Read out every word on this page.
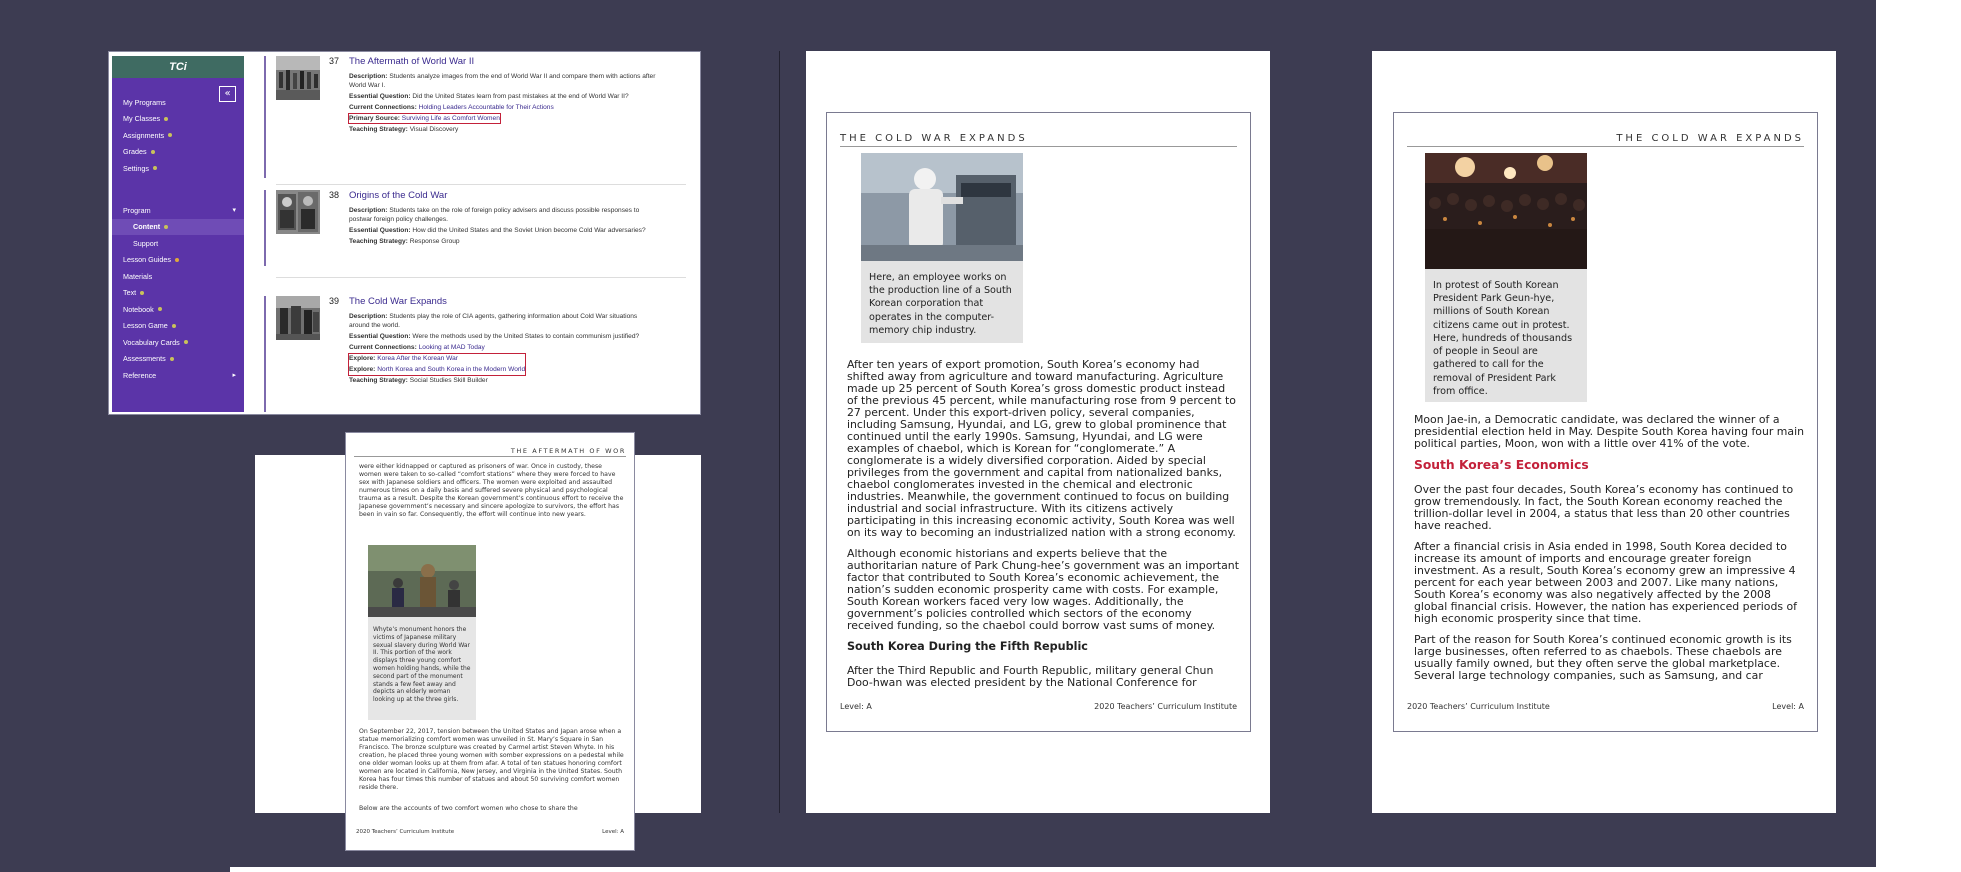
TCi
«
My Programs
My Classes
Assignments
Grades
Settings
Program	▾
Content
Support
Lesson Guides
Materials
Text
Notebook
Lesson Game
Vocabulary Cards
Assessments
Reference	▸
37 The Aftermath of World War II

Description: Students analyze images from the end of World War II and compare them with actions after World War I.

Essential Question: Did the United States learn from past mistakes at the end of World War II?

Current Connections: Holding Leaders Accountable for Their Actions

Primary Source: Surviving Life as Comfort Women

Teaching Strategy: Visual Discovery

38 Origins of the Cold War

Description: Students take on the role of foreign policy advisers and discuss possible responses to postwar foreign policy challenges.

Essential Question: How did the United States and the Soviet Union become Cold War adversaries?

Teaching Strategy: Response Group

39 The Cold War Expands

Description: Students play the role of CIA agents, gathering information about Cold War situations around the world.

Essential Question: Were the methods used by the United States to contain communism justified?

Current Connections: Looking at MAD Today

Explore: Korea After the Korean War

Explore: North Korea and South Korea in the Modern World

Teaching Strategy: Social Studies Skill Builder

THE AFTERMATH OF WOR
were either kidnapped or captured as prisoners of war. Once in custody, these women were taken to so-called “comfort stations” where they were forced to have sex with Japanese soldiers and officers. The women were exploited and assaulted numerous times on a daily basis and suffered severe physical and psychological trauma as a result. Despite the Korean government’s continuous effort to receive the Japanese government’s necessary and sincere apologize to survivors, the effort has been in vain so far. Consequently, the effort will continue into new years.
Whyte’s monument honors the victims of Japanese military sexual slavery during World War II. This portion of the work displays three young comfort women holding hands, while the second part of the monument stands a few feet away and depicts an elderly woman looking up at the three girls.
On September 22, 2017, tension between the United States and Japan arose when a statue memorializing comfort women was unveiled in St. Mary’s Square in San Francisco. The bronze sculpture was created by Carmel artist Steven Whyte. In his creation, he placed three young women with somber expressions on a pedestal while one older woman looks up at them from afar. A total of ten statues honoring comfort women are located in California, New Jersey, and Virginia in the United States. South Korea has four times this number of statues and about 50 surviving comfort women reside there.
Below are the accounts of two comfort women who chose to share the
2020 Teachers’ Curriculum Institute	Level: A
THE COLD WAR EXPANDS
Here, an employee works on the production line of a South Korean corporation that operates in the computer-memory chip industry.

After ten years of export promotion, South Korea’s economy had shifted away from agriculture and toward manufacturing. Agriculture made up 25 percent of South Korea’s gross domestic product instead of the previous 45 percent, while manufacturing rose from 9 percent to 27 percent. Under this export-driven policy, several companies, including Samsung, Hyundai, and LG, grew to global prominence that continued until the early 1990s. Samsung, Hyundai, and LG were examples of chaebol, which is Korean for “conglomerate.” A conglomerate is a widely diversified corporation. Aided by special privileges from the government and capital from nationalized banks, chaebol conglomerates invested in the chemical and electronic industries. Meanwhile, the government continued to focus on building industrial and social infrastructure. With its citizens actively participating in this increasing economic activity, South Korea was well on its way to becoming an industrialized nation with a strong economy.

Although economic historians and experts believe that the authoritarian nature of Park Chung-hee’s government was an important factor that contributed to South Korea’s economic achievement, the nation’s sudden economic prosperity came with costs. For example, South Korean workers faced very low wages. Additionally, the government’s policies controlled which sectors of the economy received funding, so the chaebol could borrow vast sums of money.

South Korea During the Fifth Republic

After the Third Republic and Fourth Republic, military general Chun Doo-hwan was elected president by the National Conference for

Level: A	2020 Teachers’ Curriculum Institute
THE COLD WAR EXPANDS
In protest of South Korean President Park Geun-hye, millions of South Korean citizens came out in protest. Here, hundreds of thousands of people in Seoul are gathered to call for the removal of President Park from office.

Moon Jae-in, a Democratic candidate, was declared the winner of a presidential election held in May. Despite South Korea having four main political parties, Moon, won with a little over 41% of the vote.

South Korea’s Economics

Over the past four decades, South Korea’s economy has continued to grow tremendously. In fact, the South Korean economy reached the trillion-dollar level in 2004, a status that less than 20 other countries have reached.

After a financial crisis in Asia ended in 1998, South Korea decided to increase its amount of imports and encourage greater foreign investment. As a result, South Korea’s economy grew an impressive 4 percent for each year between 2003 and 2007. Like many nations, South Korea’s economy was also negatively affected by the 2008 global financial crisis. However, the nation has experienced periods of high economic prosperity since that time.

Part of the reason for South Korea’s continued economic growth is its large businesses, often referred to as chaebols. These chaebols are usually family owned, but they often serve the global marketplace. Several large technology companies, such as Samsung, and car

2020 Teachers’ Curriculum Institute	Level: A
